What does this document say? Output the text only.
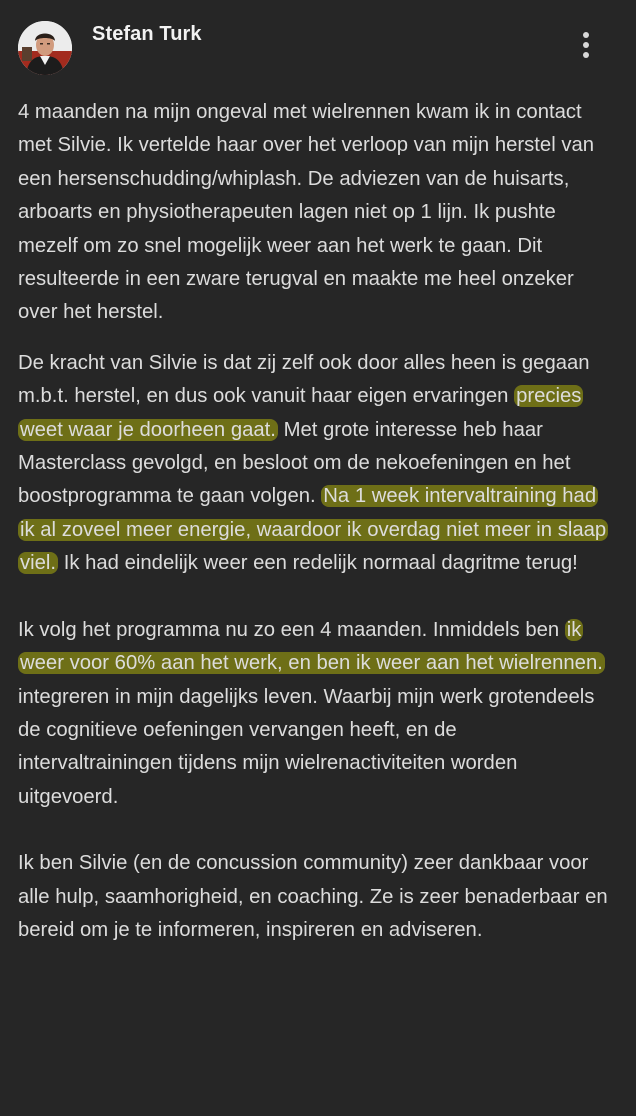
Stefan Turk

4 maanden na mijn ongeval met wielrennen kwam ik in contact met Silvie. Ik vertelde haar over het verloop van mijn herstel van een hersenschudding/whiplash. De adviezen van de huisarts, arboarts en physiotherapeuten lagen niet op 1 lijn. Ik pushte mezelf om zo snel mogelijk weer aan het werk te gaan. Dit resulteerde in een zware terugval en maakte me heel onzeker over het herstel.

De kracht van Silvie is dat zij zelf ook door alles heen is gegaan m.b.t. herstel, en dus ook vanuit haar eigen ervaringen precies weet waar je doorheen gaat. Met grote interesse heb haar Masterclass gevolgd, en besloot om de nekoefeningen en het boostprogramma te gaan volgen. Na 1 week intervaltraining had ik al zoveel meer energie, waardoor ik overdag niet meer in slaap viel. Ik had eindelijk weer een redelijk normaal dagritme terug!

Ik volg het programma nu zo een 4 maanden. Inmiddels ben ik weer voor 60% aan het werk, en ben ik weer aan het wielrennen.

integreren in mijn dagelijks leven. Waarbij mijn werk grotendeels de cognitieve oefeningen vervangen heeft, en de intervaltrainingen tijdens mijn wielrenactiviteiten worden uitgevoerd.

Ik ben Silvie (en de concussion community) zeer dankbaar voor alle hulp, saamhorigheid, en coaching. Ze is zeer benaderbaar en bereid om je te informeren, inspireren en adviseren.
